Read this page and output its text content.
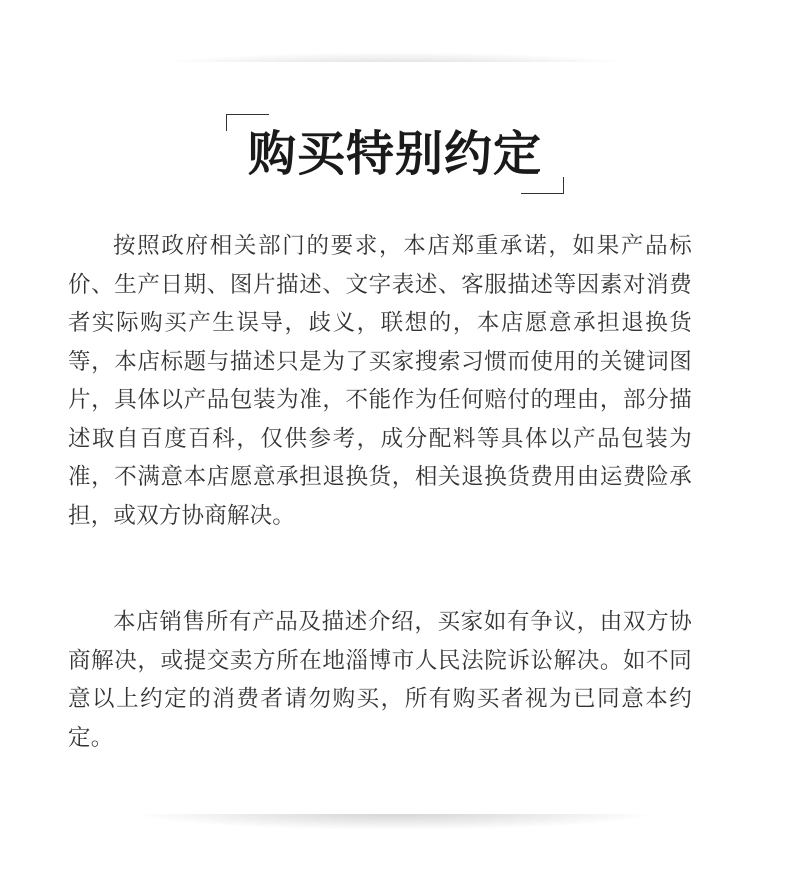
购买特别约定

按照政府相关部门的要求，本店郑重承诺，如果产品标价、生产日期、图片描述、文字表述、客服描述等因素对消费者实际购买产生误导，歧义，联想的，本店愿意承担退换货等，本店标题与描述只是为了买家搜索习惯而使用的关键词图片，具体以产品包装为准，不能作为任何赔付的理由，部分描述取自百度百科，仅供参考，成分配料等具体以产品包装为准，不满意本店愿意承担退换货，相关退换货费用由运费险承担，或双方协商解决。

本店销售所有产品及描述介绍，买家如有争议，由双方协商解决，或提交卖方所在地淄博市人民法院诉讼解决。如不同意以上约定的消费者请勿购买，所有购买者视为已同意本约定。
